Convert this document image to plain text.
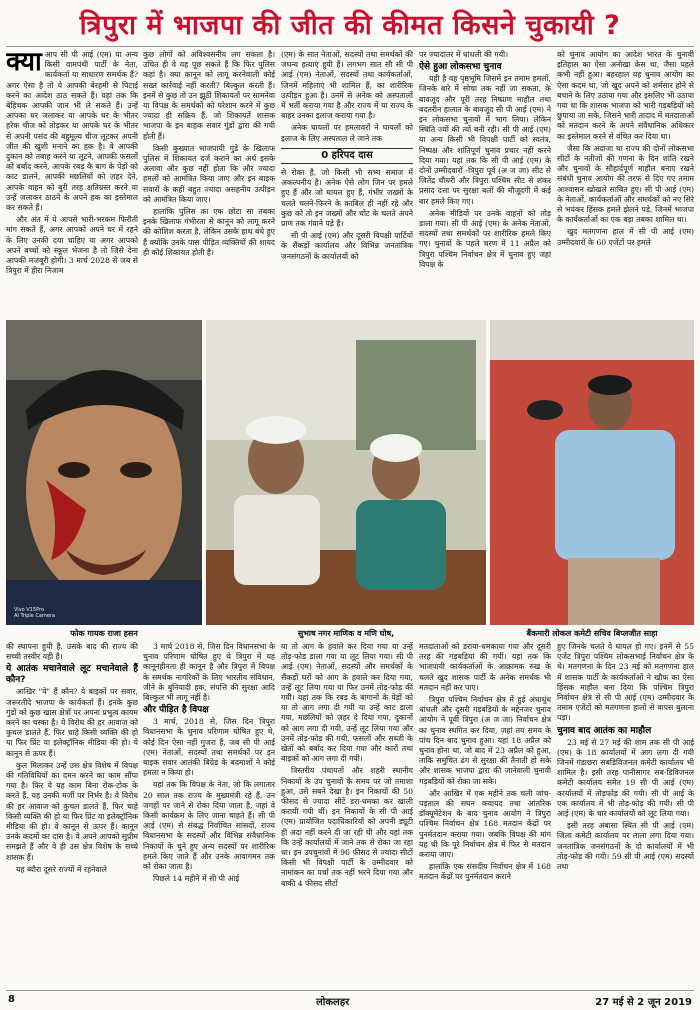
त्रिपुरा में भाजपा की जीत की कीमत किसने चुकायी ?

क्या आप सी पी आई (एम) या अन्य किसी वामपंथी पार्टी के नेता, कार्यकर्ता या साधारण समर्थक हैं? अगर ऐसा है तो ये आपकी बेरहमी से पिटाई करने का आदेश ठाठ सकते हैं। यहां तक कि बेहिचक आपकी जान भी ले सकते हैं। उन्हें आपका घर जलाकर या आपके घर के भीतर हरेक चीज को तोड़कर या आपके घर के भीतर से अपनी पसंद की बहुमूल्य चीज लूटकर अपनी जीत की खुशी मनाने का हक है। वे आपकी दुकान को तबाह करने या लूटने, आपकी फसलों को बर्बाद करने, आपके रबड़ के बाग के पेड़ों को काट डालने, आपकी मछलियों को ज़हर देने, आपके वाहन को बुरी तरह क्षतिग्रस्त करने या उन्हें जलाकर ठाठने के अपने हक का इस्तेमाल कर सकते हैं।

और अंत में ये आपसे भारी-भरकम फिरौती मांग सकते हैं, अगर आपको अपने घर में रहने के लिए उनकी दया चाहिए या अगर आपको अपने बच्चों को स्कूल भेजना है तो जिसे देना आपकी मजबूरी होगी। 3 मार्च 2028 से जब से त्रिपुरा में हीरा निजाम

कुछ लोगों को अविश्वसनीय लग सकता है। उचित ही वे यह पूछ सकते हैं कि फिर पुलिस कहां है। क्या कानून को लागू करनेवाली कोई सख्त कार्रवाई नहीं करती? बिल्कुल करती हैं। इनमें से कुछ तो उन झूठी शिकायतों पर सामनेवा या विपक्ष के समर्थकों को परेशान करने में कुछ ज्यादा ही सक्रिय हैं, जो शिकायतें शासक भाजपा के इन बाहक सवार गुंडों द्वारा की गयी होती हैं।

किसी कुख्यात भाजपायी गुंडे के खिलाफ पुलिस में शिकायत दर्ज कराने का अर्थ इसके अलावा और कुछ नहीं होता कि और ज्यादा हमलों को आमंत्रित किया जाए और इन बाइक सवारों के कहीं बहुत ज्यादा असहनीय उत्पीड़न को आमंत्रित किया जाए।

हालांकि पुलिस का एक छोटा सा तबका इनके खिलाफ गंभीरता से कानून को लागू करने की कोशिश करता है, लेकिन उसके हाथ बंधे हुए हैं क्योंकि उनके पास पीड़ित व्यक्तियों की शायद ही कोई शिकायत होती है।

(एम) के सात नेताओं, सदस्यों तथा समर्थकों की जघन्य हत्याएं हुयी हैं। लगभग सात सौ सी पी आई (एम) नेताओं, सदस्यों तथा कार्यकर्ताओं, जिनमें महिलाएं भी शामिल हैं, का शारीरिक उत्पीड़न हुआ है। उनमें से अनेक को अस्पतालों में भर्ती कराया गया है और राज्य में या राज्य के बाहर उनका इलाज कराया गया है।

अनेक घायलों पर हमलावरों ने घायलों को इलाज के लिए अस्पताल ले जाने तक

0 हरिपद दास

से रोका है, जो किसी भी सभ्य समाज में अकल्पनीय है। अनेक ऐसे लोग जिन पर हमले हुए हैं और जो घायल हुए हैं, गंभीर जख्मों के चलते चलने-फिरने के काबिल ही नहीं रहे और कुछ को तो इन जख्मों और चोट के चलते अपने प्राण तक गंवाने पड़े हैं।

सी पी आई (एम) और दूसरी विपक्षी पार्टियों के सैंकड़ों कार्यालय और विभिन्न जनतांत्रिक जनसंगठनों के कार्यालयों को

पर ज्यादातर में धांधली की गयी।

ऐसे हुआ लोकसभा चुनाव

यही है वह पृष्ठभूमि जिसमें इन तमाम हमलों, जिनके बारे में सोचा तक नहीं जा सकता, के बावजूद और पूरी तरह निष्प्राण माहौल तथा बदतरीन हालात के बावजूद सी पी आई (एम) ने इन लोकसभा चुनावों में भाग लिया। लेकिन स्थिति ज्यों की त्यों बनी रही। सी पी आई (एम) या अन्य किसी भी विपक्षी पार्टी को स्वतंत्र, निष्पक्ष और शांतिपूर्ण चुनाव प्रचार नहीं करने दिया गया। यहां तक कि सी पी आई (एम) के दोनों उम्मीदवारों -त्रिपुरा पूर्व (अ ज जा) सीट से जितेंद्र चौधरी और त्रिपुरा पश्चिम सीट से शंकर प्रसाद दत्ता पर सुरक्षा बलों की मौजूदगी में कई बार हमले किए गए।

अनेक मीडियों पर उनके वाहनों को तोड़ डाला गया। सी पी आई (एम) के अनेक नेताओं, सदस्यों तथा समर्थकों पर शारीरिक हमले किए गए। चुनावों के पहले चरण में 11 अप्रैल को त्रिपुरा पश्चिम निर्वाचन क्षेत्र में चुनाव हुए जहां विपक्ष के

को चुनाव आयोग का आदेश भारत के चुनावी इतिहास का ऐसा अनोखा केस था, जैसा पहले कभी नहीं हुआ। बहरहाल यह चुनाव आयोग का ऐसा कदम था, जो खुद अपने को शर्मसार होने से बचाने के लिए उठाया गया और इसलिए भी उठाया गया था कि शासक भाजपा को भारी गड़बड़ियों को छुपाया जा सके, जिसने भारी तादाद में मतदाताओं को मतदान करने के अपने संवैधानिक अधिकार का इस्तेमाल करने से वंचित कर दिया था।

जैसा कि अंदाजा था राज्य की दोनों लोकसभा सीटों के नतीजों की गणना के दिन शांति रखने और चुनावों के सौहार्दपूर्ण माहौल बनाए रखने संबंधी चुनाव आयोग की तरफ से दिए गए तमाम आश्वासन खोखले साबित हुए। सी पी आई (एम) के नेताओं, कार्यकर्ताओं और समर्थकों को नए सिरे से भयंकर हिंसक हमले झेलने पड़े, जिनमें भाजपा के कार्यकर्ताओं का एक बड़ा तबका शामिल था।

खुद मतगणना हाल में सी पी आई (एम) उम्मीदवारों के 60 एजेंटों पर हमले

Vivo V15Pro
AI Triple Camera
फोक गायक राजा हसन	सुभाष नगर माणिक व मणि घोष,	बैंकमारी लोकल कमेटी सचिव बिप्लजीत साहा

की स्थापना हुयी है, उसके बाद की राज्य की सच्ची तस्वीर यही है।

ये आतंक मचानेवाले लूट मचानेवाले हैं कौन?

आखिर "ये" हैं कौन? ये बाइकों पर सवार, जरूरतीदे भाजपा के कार्यकर्ता हैं। इनके कुछ गुंडों को कुछ खास क्षेत्रों पर अपना प्रभुत्व कायम करने का चस्का है। ये विरोध की हर आवाज को कुचल डालते हैं, फिर चाहे किसी व्यक्ति की हो या फिर प्रिंट या इलेक्ट्रॉनिक मीडिया की हो। ये कानून से ऊपर हैं।

कुल मिलाकर उन्हें उस क्षेत्र विशेष में विपक्ष की गतिविधियों का दमन करने का काम सौंपा गया है। फिर ये यह काम बिना रोक-टोक के करते हैं, यह उनकी मर्जी पर निर्भर है। वे विरोध की हर आवाज को कुचल डालते हैं, फिर चाहे किसी व्यक्ति की हो या फिर प्रिंट या इलेक्ट्रॉनिक मीडिया की हो। वे कानून से ऊपर हैं। कानून उनके कदमों का दास है। वे अपने आपको सुप्रीम समझते हैं और वे ही उस क्षेत्र विशेष के सच्चे शासक हैं।

यह ब्यौरा दूसरे राज्यों में रहनेवाले

3 मार्च 2018 से, जिस दिन विधानसभा के चुनाव परिणाम घोषित हुए थे त्रिपुरा में यह कानूनहीनता ही कानून है और त्रिपुरा में विपक्ष के समर्थक नागरिकों के लिए भारतीय संविधान, जीने के बुनियादी हक, संपत्ति की सुरक्षा आदि बिल्कुल भी लागू नहीं है।

और पीड़ित है विपक्ष

3 मार्च, 2018 से, जिस दिन त्रिपुरा विधानसभा के चुनाव परिणाम घोषित हुए थे, कोई दिन ऐसा नहीं गुजरा है, जब सी पी आई (एम) नेताओं, सदस्यों तथा समर्थकों पर इन बाइक सवार आतंकी बिग्रेड के बदमाशों ने कोई हमला न किया हो।

यहां तक कि विपक्ष के नेता, जो कि लगातार 20 साल तक राज्य के मुख्यमंत्री रहे हैं, उन जगहों पर जाने से रोका दिया जाता है, जहां वे किसी कार्यक्रम के लिए जाना चाहते हैं। सी पी आई (एम) से संबद्ध निर्वाचित सांसदों, राज्य विधानसभा के सदस्यों और विभिन्न संवैधानिक निकायों के चुने हुए अन्य सदस्यों पर शारीरिक हमले किए जाते हैं और उनके आवागमन तक को रोका जाता है।

पिछले 14 महीने में सी पी आई

या तो आग के हवाले कर दिया गया या उन्हें तोड़-फोड़ डाला गया या लूट लिया गया। सी पी आई (एम) नेताओं, सदस्यों और समर्थकों के सैंकड़ों घरों को आग के हवाले कर दिया गया, उन्हें लूट लिया गया या फिर उनमें तोड़-फोड़ की गयी। यहां तक कि रबड़ के बागानों के पेड़ों को या तो आग लगा दी गयी या उन्हें काट डाला गया, मछलियों को ज़हर दे दिया गया, दुकानों को आग लगा दी गयी, उन्हें लूट लिया गया और उनमें तोड़-फोड़ की गयी, फसलों और सब्जी के खेतों को बर्बाद कर दिया गया और कारों तथा बाइकों को आग लगा दी गयी।

त्रिस्तरीय पंचायतों और शहरी स्थानीय निकायों के उप चुनावों के समय पर जो तमाशा हुआ, उसे सबने देखा है। इन निकायों की 50 फीसद से ज्यादा सीटें डरा-धमका कर खाली करायी गयी थीं। इन निकायों के सी पी आई (एम) प्रायोजित पदाधिकारियों को अपनी ड्यूटी ही अदा नहीं करने दी जा रही थी और यहां तक कि उन्हें कार्यालयों में जाने तक से रोका जा रहा था। इन उपचुनावों में 96 फीसद से ज्यादा सीटों किसी भी विपक्षी पार्टी के उम्मीदवार को नामांकन का पर्चा तक नहीं भरने दिया गया और बाकी 4 फीसद सीटों

मतदाताओं को डराया-धमकाया गया और दूसरी तरह की गड़बड़ियां की गयीं। यहां तक कि भाजपायी कार्यकर्ताओं के आक्रामक रुख के चलते खुद शासक पार्टी के अनेक समर्थक भी मतदान नहीं कर पाए।

त्रिपुरा पश्चिम निर्वाचन क्षेत्र में हुई अंधाधुंध धांधली और दूसरी गड़बड़ियों के मद्देनजर चुनाव आयोग ने पूर्वी त्रिपुरा (अ ज जा) निर्वाचन क्षेत्र का चुनाव स्थगित कर दिया, जहां तय समय के पांच दिन बाद चुनाव हुआ। यहां 18 अप्रैल को चुनाव होना था, जो बाद में 23 अप्रैल को हुआ, ताकि समुचित ढंग से सुरक्षा की तैनाती हो सके और शासक भाजपा द्वारा की जानेवाली चुनावी गड़बड़ियों को रोका जा सके।

और आखिर में एक महीने तक चली जांच-पड़ताल की सघन कवायद तथा आंतरिक डॉक्यूमेंटेशन के बाद चुनाव आयोग ने त्रिपुरा पश्चिम निर्वाचन क्षेत्र 168 मतदान केंद्रों पर पुनर्मतदान कराया गया। जबकि विपक्ष की मांग यह थी कि पूरे निर्वाचन क्षेत्र में फिर से मतदान कराया जाए।

हालांकि एक संसदीय निर्वाचन क्षेत्र में 168 मतदान केंद्रों पर पुनर्मतदान कराने

हुए जिनके चलते वे घायल हो गए। इनमें से 55 एजेंट त्रिपुरा पश्चिम लोकसभाई निर्वाचन क्षेत्र के थे। मतगणना के दिन 23 मई को मतगणना हाल में शासक पार्टी के कार्यकर्ताओं ने खौफ का ऐसा हिंसक माहौल बना दिया कि पश्चिम त्रिपुरा निर्वाचन क्षेत्र से सी पी आई (एम) उम्मीदवार के तमाम एजेंटों को मतगणना हालों से वापस बुलाना पड़ा।

चुनाव बाद आतंक का माहौल

23 मई से 27 मई की शाम तक सी पी आई (एम) के 18 कार्यालयों में आग लगा दी गयी जिनमें गंडाछरा सबडिविजनल कमेटी कार्यालय भी शामिल है। इसी तरह पानीसागर सब-डिविजनल कमेटी कार्यालय समेत 19 सी पी आई (एम) कार्यालयों में तोड़फोड़ की गयी। सी पी आई के एक कार्यालय में भी तोड़-फोड़ की गयी। सी पी आई (एम) के चार कार्यालयों को लूट लिया गया।

इसी तरह अंबासा स्थित सी पी आई (एम) जिला कमेटी कार्यालय पर ताला लगा दिया गया। जनतांत्रिक जनसंगठनों के दो कार्यालयों में भी तोड़-फोड़ की गयी। 59 सी पी आई (एम) सदस्यों तथा

8	लोकलहर	27 मई से 2 जून 2019
